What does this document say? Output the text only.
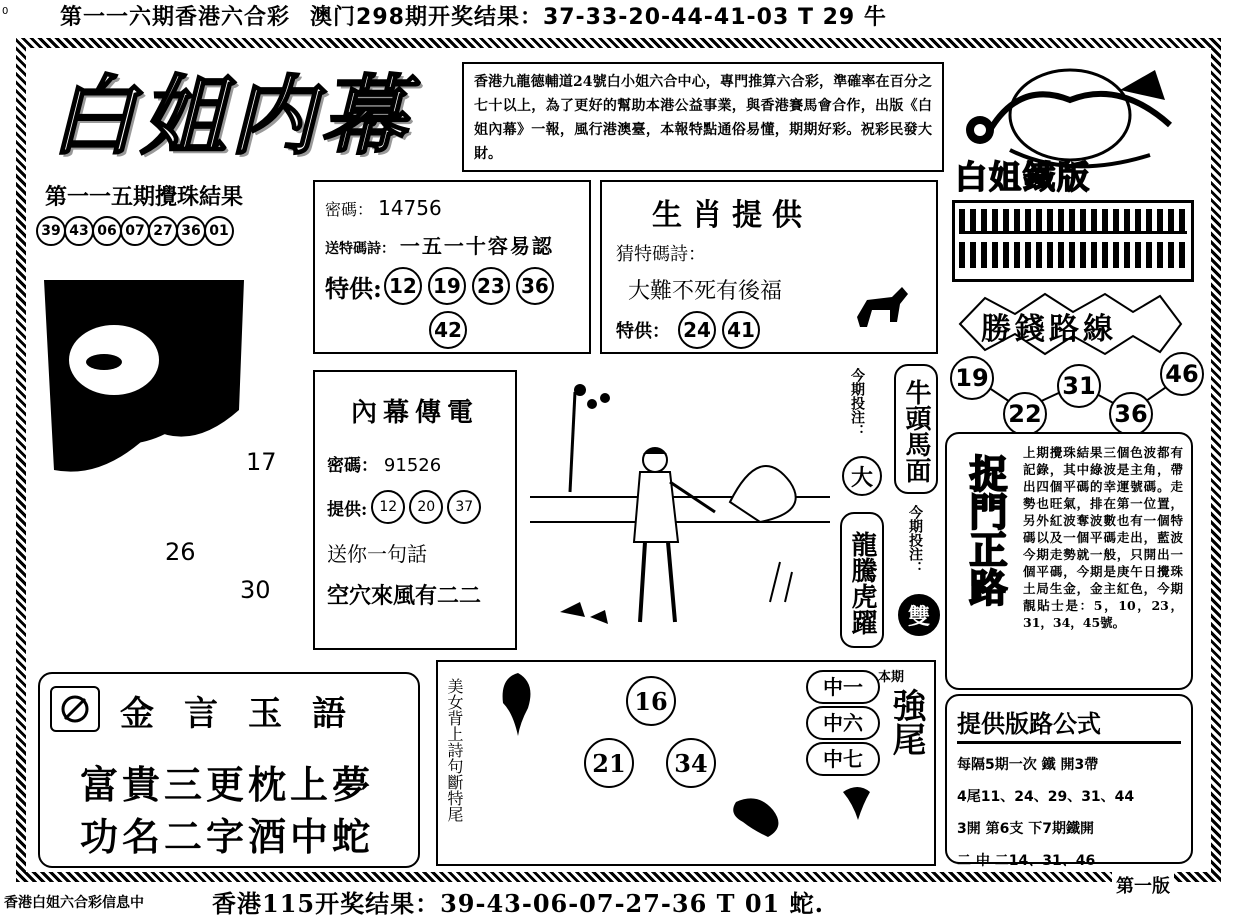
0 第一一六期香港六合彩 澳门298期开奖结果：37-33-20-44-41-03 T 29 牛
白姐内幕	香港九龍德輔道24號白小姐六合中心，專門推算六合彩，準確率在百分之七十以上，為了更好的幫助本港公益事業，與香港賽馬會合作，出版《白姐內幕》一報，風行港澳臺，本報特點通俗易懂，期期好彩。祝彩民發大財。
白姐鐵版
第一一五期攪珠結果
39 43 06 07 27 36 01
17
26
30
密碼： 14756
送特碼詩： 一五一十容易認
特供: 12 19 23 36
42
生肖提供
猜特碼詩：
大難不死有後福
特供： 24 41	勝錢路線
19
22
31
36
46
內幕傳電
密碼： 91526
提供: 12	20	37
送你一句話
空穴來風有二二
今期投注：
大	牛頭馬面
龍騰虎躍	今期投注：
雙
捉門正路
上期攪珠結果三個色波都有記錄，其中綠波是主角，帶出四個平碼的幸運號碼。走勢也旺氣，排在第一位置，另外紅波奪波數也有一個特碼以及一個平碼走出，藍波今期走勢就一般，只開出一個平碼，今期是庚午日攪珠土局生金，金主紅色，今期靚貼士是：5，10，23，31，34，45號。
金言玉語
富貴三更枕上夢
功名二字酒中蛇
美女背上詩句斷特尾	16
21	34
本期
強尾
中一
中六
中七
提供版路公式
每隔5期一次 鐵 開3帶
4尾11、24、29、31、44
3開 第6支 下7期鐵開
二 中 二14、31、46
香港白姐六合彩信息中	香港115开奖结果：39-43-06-07-27-36 T 01 蛇.
第一版
